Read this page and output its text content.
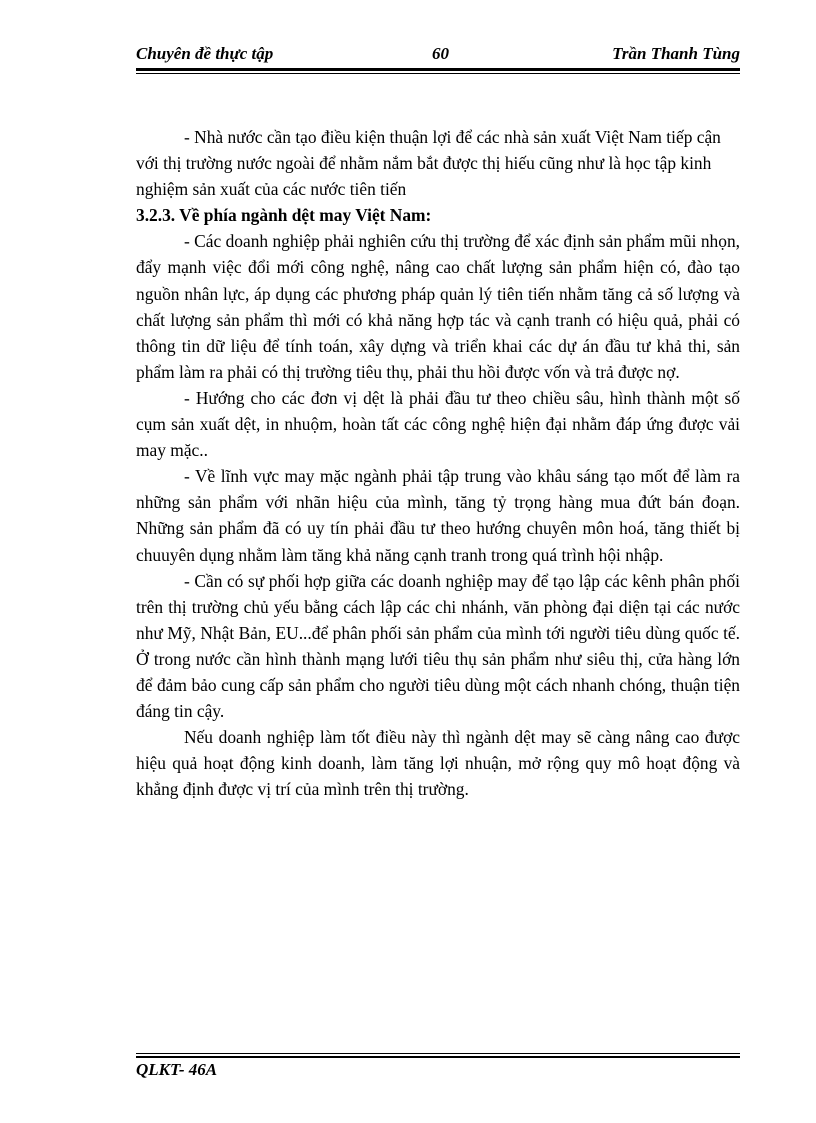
Chuyên đề thực tập	60	Trần Thanh Tùng

- Nhà nước cần tạo điều kiện thuận lợi để các nhà sản xuất Việt Nam tiếp cận với thị trường nước ngoài để nhằm nắm bắt được thị hiếu cũng như là học tập kinh nghiệm sản xuất của các nước tiên tiến

3.2.3. Về phía ngành dệt may Việt Nam:

- Các doanh nghiệp phải nghiên cứu thị trường để xác định sản phẩm mũi nhọn, đẩy mạnh việc đổi mới công nghệ, nâng cao chất lượng sản phẩm hiện có, đào tạo nguồn nhân lực, áp dụng các phương pháp quản lý tiên tiến nhằm tăng cả số lượng và chất lượng sản phẩm thì mới có khả năng hợp tác và cạnh tranh có hiệu quả, phải có thông tin dữ liệu để tính toán, xây dựng và triển khai các dự án đầu tư khả thi, sản phẩm làm ra phải có thị trường tiêu thụ, phải thu hồi được vốn và trả được nợ.

- Hướng cho các đơn vị dệt là phải đầu tư theo chiều sâu, hình thành một số cụm sản xuất dệt, in nhuộm, hoàn tất các công nghệ hiện đại nhằm đáp ứng được vải may mặc..

- Về lĩnh vực may mặc ngành phải tập trung vào khâu sáng tạo mốt để làm ra những sản phẩm với nhãn hiệu của mình, tăng tỷ trọng hàng mua đứt bán đoạn. Những sản phẩm đã có uy tín phải đầu tư theo hướng chuyên môn hoá, tăng thiết bị chuuyên dụng nhằm làm tăng khả năng cạnh tranh trong quá trình hội nhập.

- Cần có sự phối hợp giữa các doanh nghiệp may để tạo lập các kênh phân phối trên thị trường chủ yếu bằng cách lập các chi nhánh, văn phòng đại diện tại các nước như Mỹ, Nhật Bản, EU...để phân phối sản phẩm của mình tới người tiêu dùng quốc tế. Ở trong nước cần hình thành mạng lưới tiêu thụ sản phẩm như siêu thị, cửa hàng lớn để đảm bảo cung cấp sản phẩm cho người tiêu dùng một cách nhanh chóng, thuận tiện đáng tin cậy.

Nếu doanh nghiệp làm tốt điều này thì ngành dệt may sẽ càng nâng cao được hiệu quả hoạt động kinh doanh, làm tăng lợi nhuận, mở rộng quy mô hoạt động và khẳng định được vị trí của mình trên thị trường.

QLKT- 46A
